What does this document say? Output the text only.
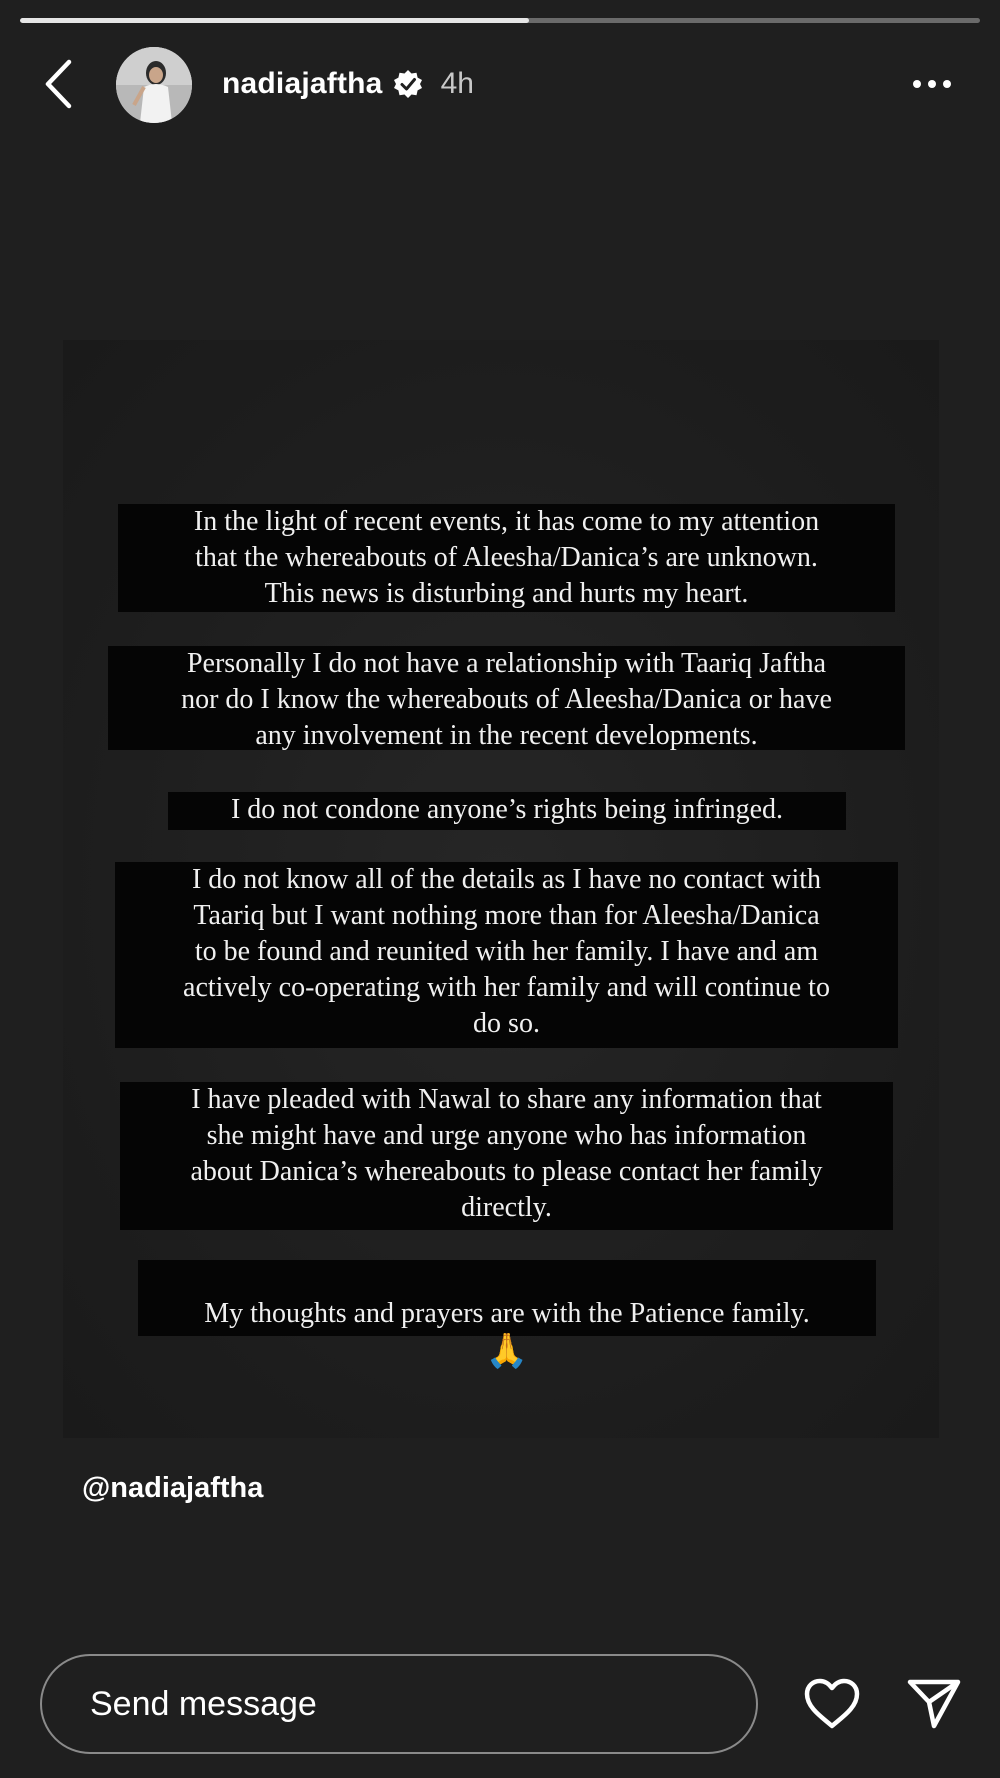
nadiajaftha 4h
In the light of recent events, it has come to my attention
that the whereabouts of Aleesha/Danica’s are unknown.
This news is disturbing and hurts my heart.
Personally I do not have a relationship with Taariq Jaftha
nor do I know the whereabouts of Aleesha/Danica or have
any involvement in the recent developments.
I do not condone anyone’s rights being infringed.
I do not know all of the details as I have no contact with
Taariq but I want nothing more than for Aleesha/Danica
to be found and reunited with her family. I have and am
actively co-operating with her family and will continue to
do so.
I have pleaded with Nawal to share any information that
she might have and urge anyone who has information
about Danica’s whereabouts to please contact her family
directly.

My thoughts and prayers are with the Patience family.

🙏

@nadiajaftha
Send message
